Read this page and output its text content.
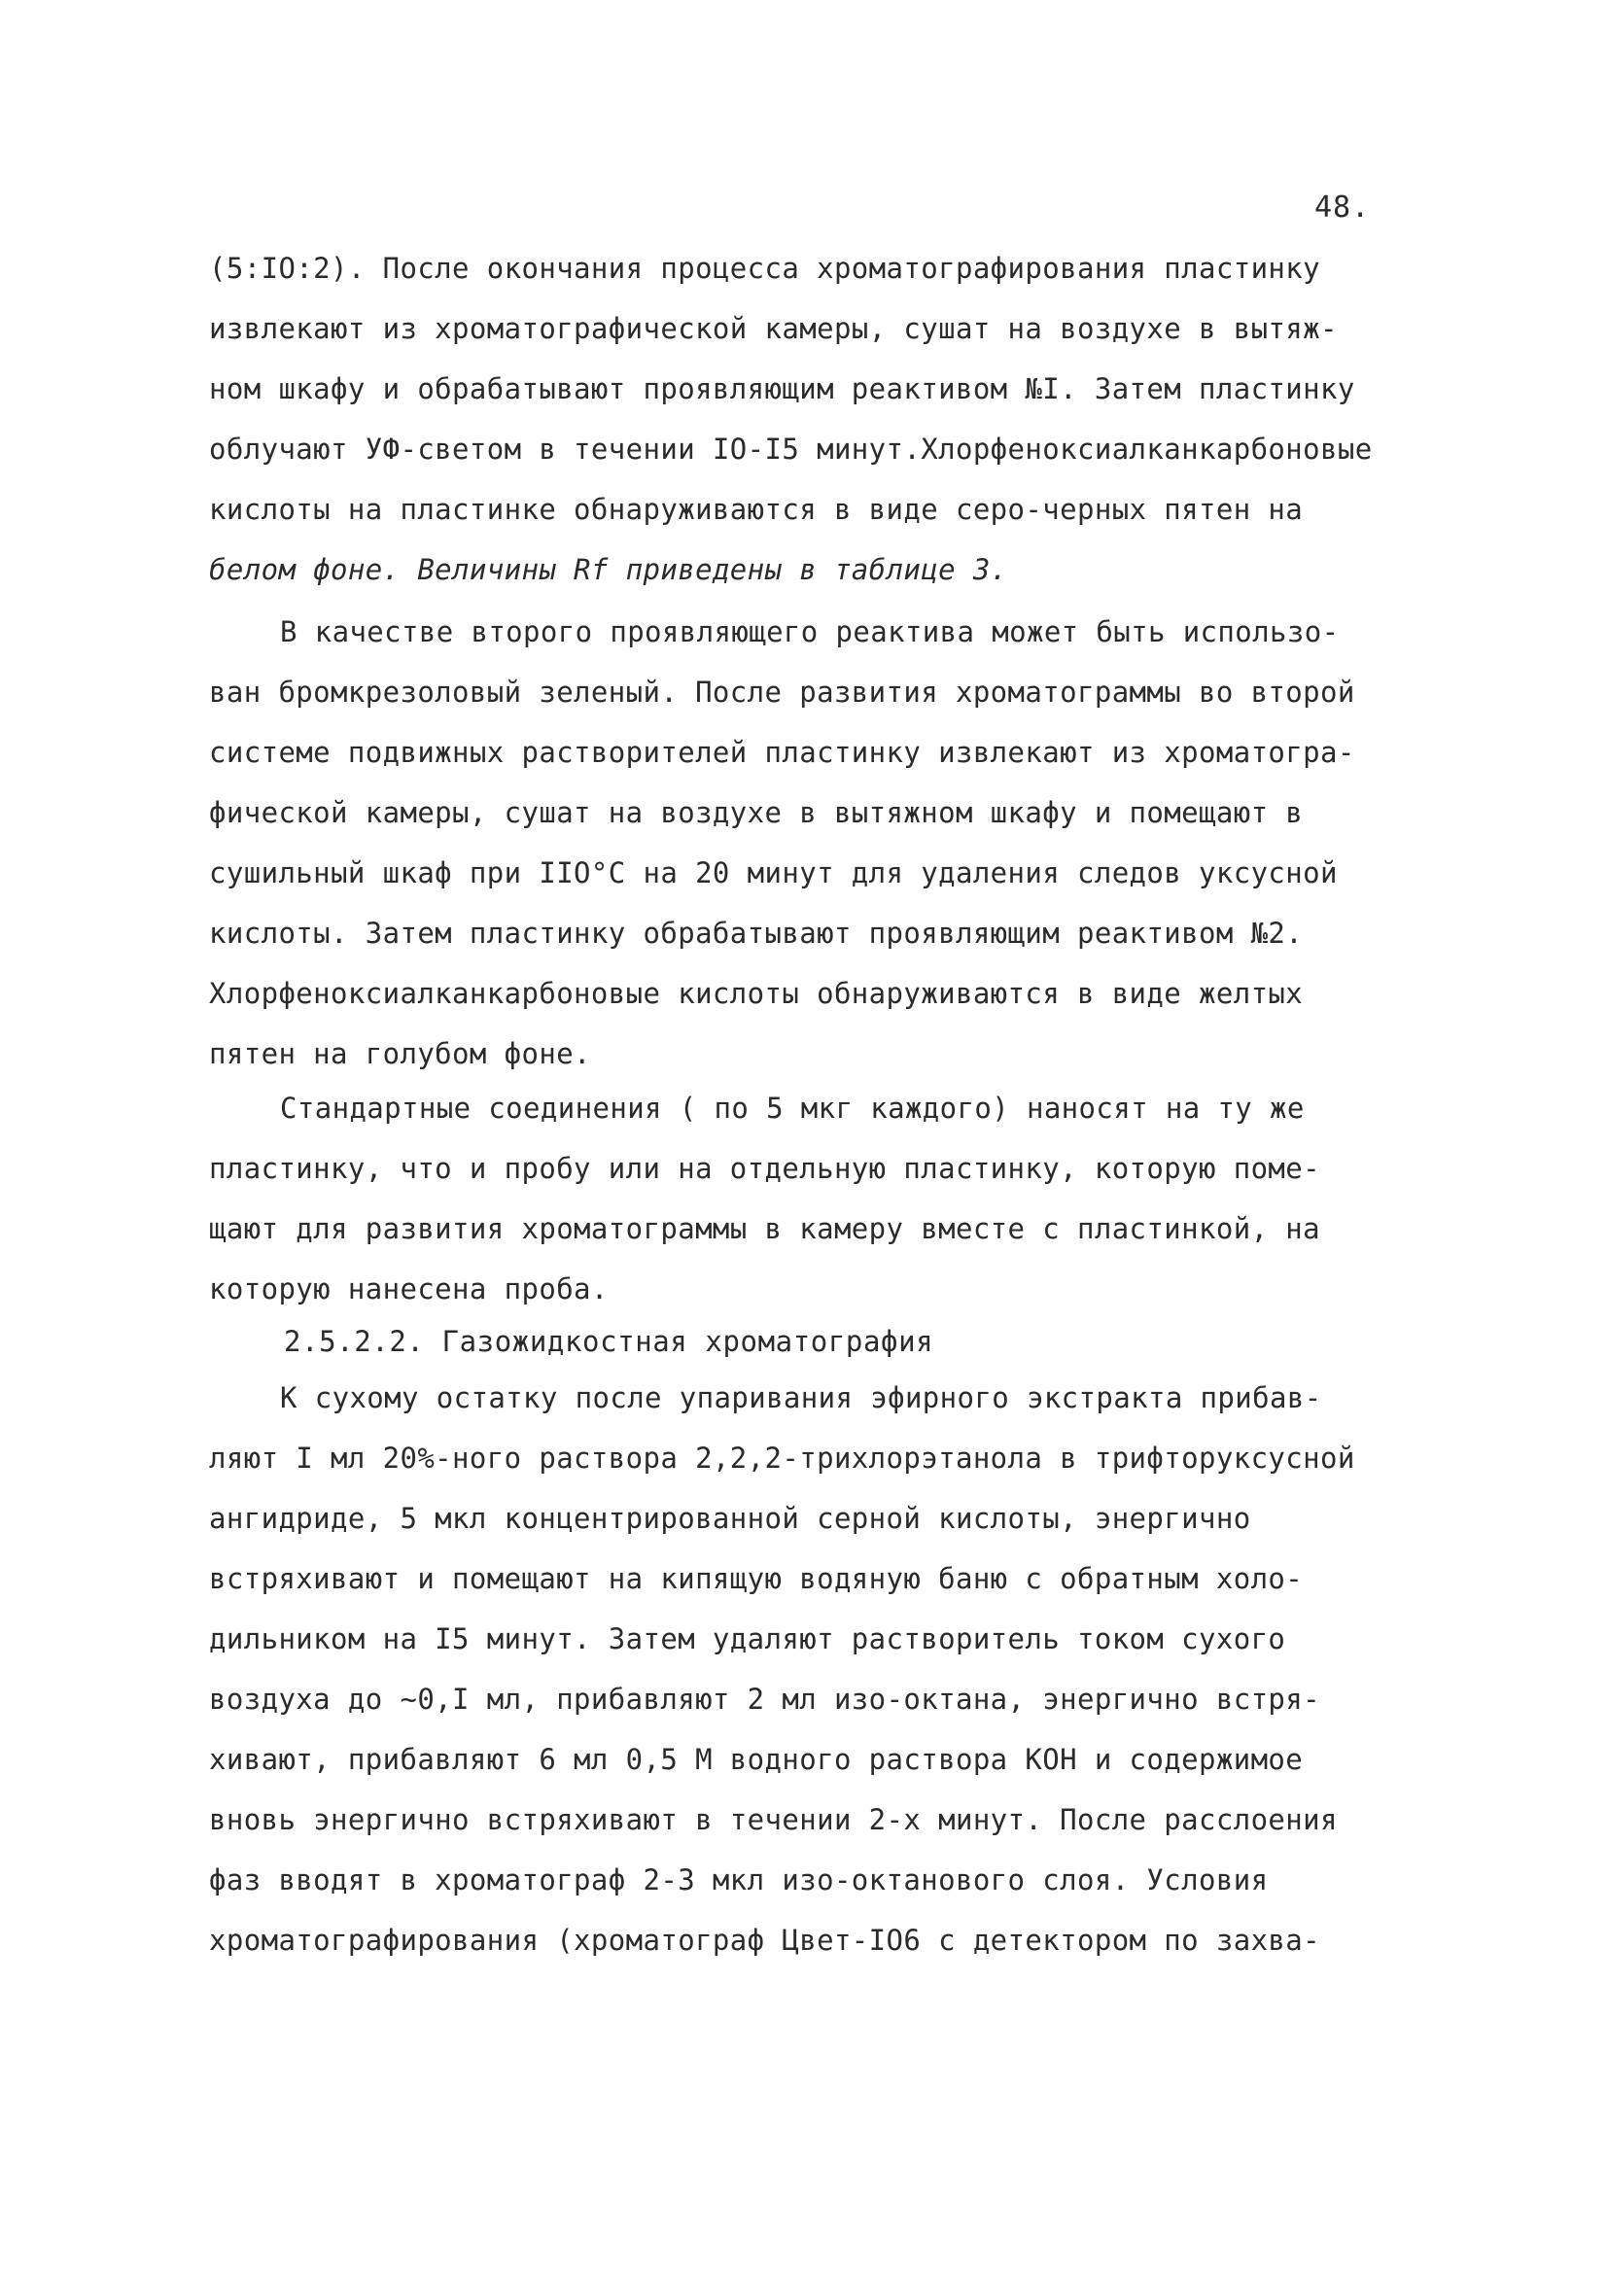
48.
(5:IO:2). После окончания процесса хроматографирования пластинку
извлекают из хроматографической камеры, сушат на воздухе в вытяж-
ном шкафу и обрабатывают проявляющим реактивом №I. Затем пластинку
облучают УФ-светом в течении IO-I5 минут.Хлорфеноксиалканкарбоновые
кислоты на пластинке обнаруживаются в виде серо-черных пятен на
белом фоне. Величины Rf приведены в таблице 3.
В качестве второго проявляющего реактива может быть использо-
ван бромкрезоловый зеленый. После развития хроматограммы во второй
системе подвижных растворителей пластинку извлекают из хроматогра-
фической камеры, сушат на воздухе в вытяжном шкафу и помещают в
сушильный шкаф при IIO°C на 20 минут для удаления следов уксусной
кислоты. Затем пластинку обрабатывают проявляющим реактивом №2.
Хлорфеноксиалканкарбоновые кислоты обнаруживаются в виде желтых
пятен на голубом фоне.
Стандартные соединения ( по 5 мкг каждого) наносят на ту же
пластинку, что и пробу или на отдельную пластинку, которую поме-
щают для развития хроматограммы в камеру вместе с пластинкой, на
которую нанесена проба.
2.5.2.2. Газожидкостная хроматография
К сухому остатку после упаривания эфирного экстракта прибав-
ляют I мл 20%-ного раствора 2,2,2-трихлорэтанола в трифторуксусной
ангидриде, 5 мкл концентрированной серной кислоты, энергично
встряхивают и помещают на кипящую водяную баню с обратным холо-
дильником на I5 минут. Затем удаляют растворитель током сухого
воздуха до ~0,I мл, прибавляют 2 мл изо-октана, энергично встря-
хивают, прибавляют 6 мл 0,5 М водного раствора КОН и содержимое
вновь энергично встряхивают в течении 2-х минут. После расслоения
фаз вводят в хроматограф 2-3 мкл изо-октанового слоя. Условия
хроматографирования (хроматограф Цвет-IO6 с детектором по захва-
